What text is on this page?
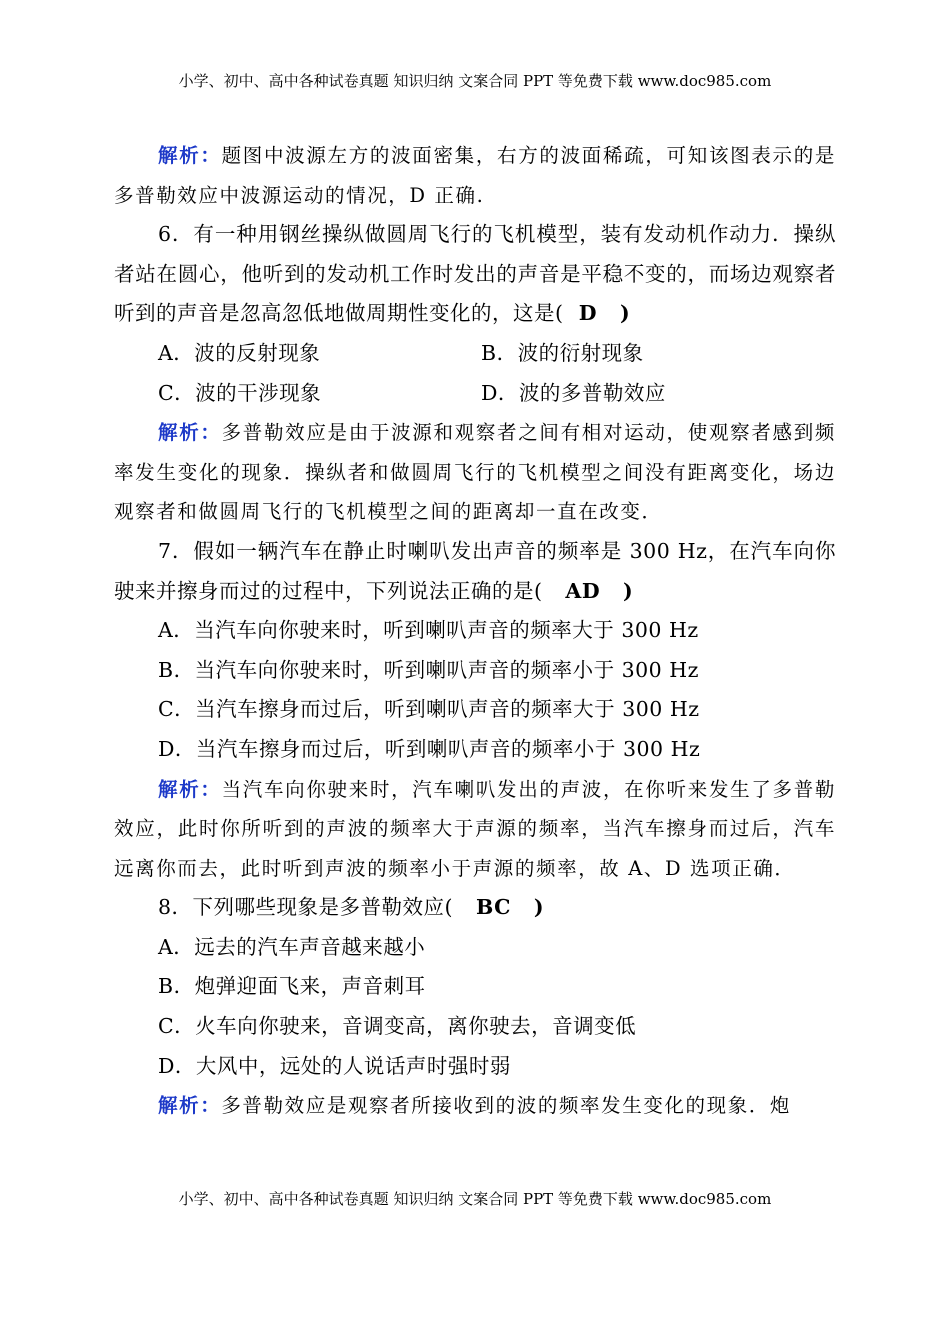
小学、初中、高中各种试卷真题 知识归纳 文案合同 PPT 等免费下载 www.doc985.com

解析：题图中波源左方的波面密集，右方的波面稀疏，可知该图表示的是多普勒效应中波源运动的情况，D 正确.

6．有一种用钢丝操纵做圆周飞行的飞机模型，装有发动机作动力．操纵者站在圆心，他听到的发动机工作时发出的声音是平稳不变的，而场边观察者听到的声音是忽高忽低地做周期性变化的，这是( D )

A．波的反射现象	B．波的衍射现象
C．波的干涉现象	D．波的多普勒效应

解析：多普勒效应是由于波源和观察者之间有相对运动，使观察者感到频率发生变化的现象．操纵者和做圆周飞行的飞机模型之间没有距离变化，场边观察者和做圆周飞行的飞机模型之间的距离却一直在改变．

7．假如一辆汽车在静止时喇叭发出声音的频率是 300 Hz，在汽车向你驶来并擦身而过的过程中，下列说法正确的是( AD )

A．当汽车向你驶来时，听到喇叭声音的频率大于 300 Hz

B．当汽车向你驶来时，听到喇叭声音的频率小于 300 Hz

C．当汽车擦身而过后，听到喇叭声音的频率大于 300 Hz

D．当汽车擦身而过后，听到喇叭声音的频率小于 300 Hz

解析：当汽车向你驶来时，汽车喇叭发出的声波，在你听来发生了多普勒效应，此时你所听到的声波的频率大于声源的频率，当汽车擦身而过后，汽车远离你而去，此时听到声波的频率小于声源的频率，故 A、D 选项正确．

8．下列哪些现象是多普勒效应( BC )

A．远去的汽车声音越来越小

B．炮弹迎面飞来，声音刺耳

C．火车向你驶来，音调变高，离你驶去，音调变低

D．大风中，远处的人说话声时强时弱

解析：多普勒效应是观察者所接收到的波的频率发生变化的现象．炮

小学、初中、高中各种试卷真题 知识归纳 文案合同 PPT 等免费下载 www.doc985.com
